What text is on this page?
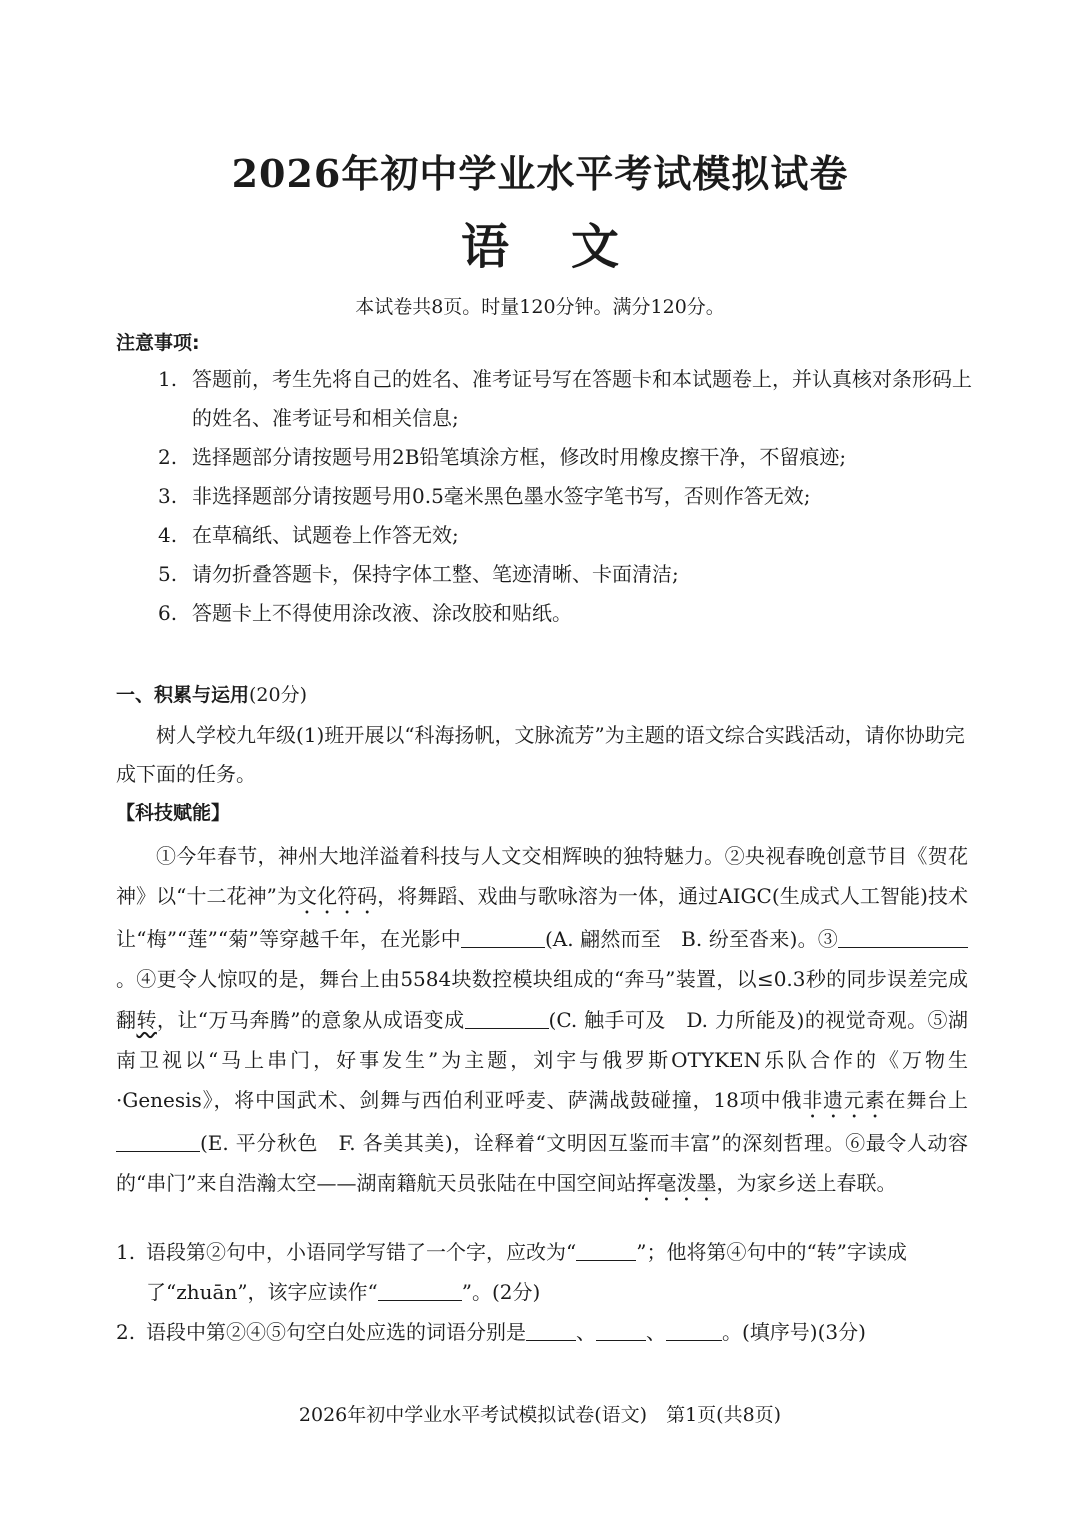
2026年初中学业水平考试模拟试卷
语文
本试卷共8页。时量120分钟。满分120分。
注意事项:

1. 答题前，考生先将自己的姓名、准考证号写在答题卡和本试题卷上，并认真核对条形码上的姓名、准考证号和相关信息;

2. 选择题部分请按题号用2B铅笔填涂方框，修改时用橡皮擦干净，不留痕迹;

3. 非选择题部分请按题号用0.5毫米黑色墨水签字笔书写，否则作答无效;

4. 在草稿纸、试题卷上作答无效;

5. 请勿折叠答题卡，保持字体工整、笔迹清晰、卡面清洁;

6. 答题卡上不得使用涂改液、涂改胶和贴纸。

一、积累与运用(20分)

树人学校九年级(1)班开展以“科海扬帆，文脉流芳”为主题的语文综合实践活动，请你协助完成下面的任务。

【科技赋能】

①今年春节，神州大地洋溢着科技与人文交相辉映的独特魅力。②央视春晚创意节目《贺花神》以“十二花神”为文化符码，将舞蹈、戏曲与歌咏溶为一体，通过AIGC(生成式人工智能)技术让“梅”“莲”“菊”等穿越千年，在光影中	(A. 翩然而至　B. 纷至沓来)。③。④更令人惊叹的是，舞台上由5584块数控模块组成的“奔马”装置，以≤0.3秒的同步误差完成翻转，让“万马奔腾”的意象从成语变成	(C. 触手可及　D. 力所能及)的视觉奇观。⑤湖南卫视以“马上串门，好事发生”为主题，刘宇与俄罗斯OTYKEN乐队合作的《万物生·Genesis》，将中国武术、剑舞与西伯利亚呼麦、萨满战鼓碰撞，18项中俄非遗元素在舞台上(E. 平分秋色　F. 各美其美)，诠释着“文明因互鉴而丰富”的深刻哲理。⑥最令人动容的“串门”来自浩瀚太空——湖南籍航天员张陆在中国空间站挥毫泼墨，为家乡送上春联。

1. 语段第②句中，小语同学写错了一个字，应改为“	”；他将第④句中的“转”字读成了“zhuān”，该字应读作“	”。(2分)

2. 语段中第②④⑤句空白处应选的词语分别是	、	、	。(填序号)(3分)

2026年初中学业水平考试模拟试卷(语文)　第1页(共8页)
